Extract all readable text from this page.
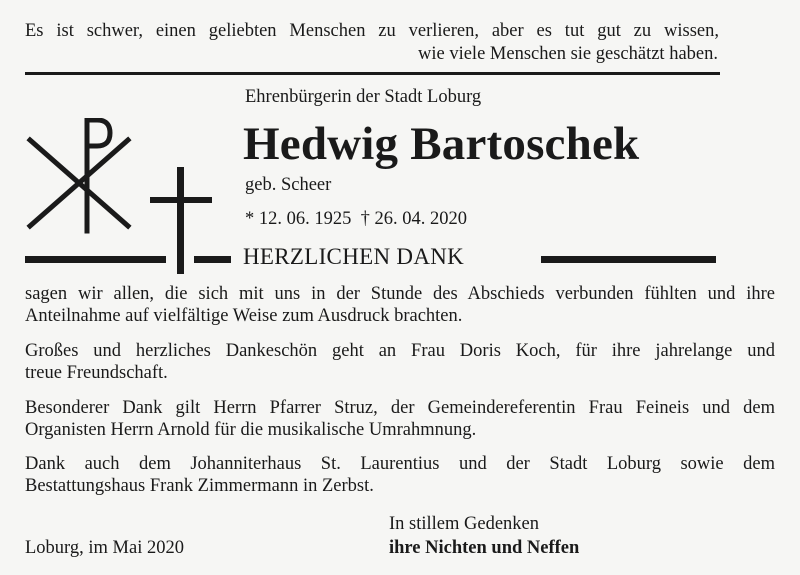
Es ist schwer, einen geliebten Menschen zu verlieren, aber es tut gut zu wissen,
wie viele Menschen sie geschätzt haben.
Ehrenbürgerin der Stadt Loburg
Hedwig Bartoschek
geb. Scheer
* 12. 06. 1925  † 26. 04. 2020
HERZLICHEN DANK
sagen wir allen, die sich mit uns in der Stunde des Abschieds verbunden fühlten und ihre
Anteilnahme auf vielfältige Weise zum Ausdruck brachten.
Großes und herzliches Dankeschön geht an Frau Doris Koch, für ihre jahrelange und
treue Freundschaft.
Besonderer Dank gilt Herrn Pfarrer Struz, der Gemeindereferentin Frau Feineis und dem
Organisten Herrn Arnold für die musikalische Umrahmnung.
Dank auch dem Johanniterhaus St. Laurentius und der Stadt Loburg sowie dem
Bestattungshaus Frank Zimmermann in Zerbst.
In stillem Gedenken
Loburg, im Mai 2020	ihre Nichten und Neffen
